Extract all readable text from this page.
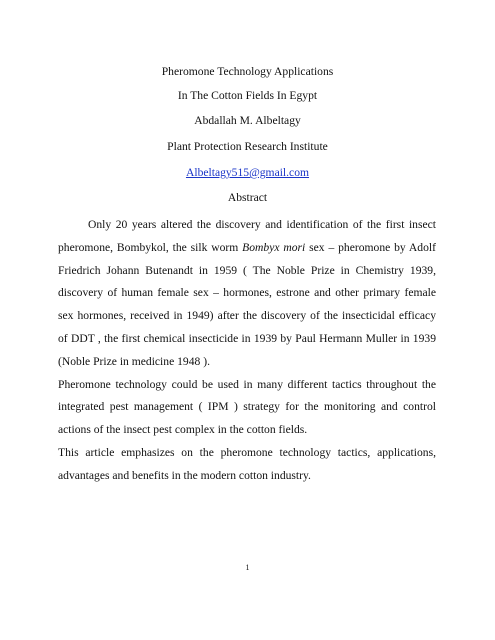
Pheromone Technology Applications
In The Cotton Fields In Egypt
Abdallah M. Albeltagy
Plant Protection Research Institute
Albeltagy515@gmail.com
Abstract

Only 20 years altered the discovery and identification of the first insect pheromone, Bombykol, the silk worm Bombyx mori sex – pheromone by Adolf Friedrich Johann Butenandt in 1959 ( The Noble Prize in Chemistry 1939, discovery of human female sex – hormones, estrone and other primary female sex hormones, received in 1949) after the discovery of the insecticidal efficacy of DDT , the first chemical insecticide in 1939 by Paul Hermann Muller in 1939 (Noble Prize in medicine 1948 ).

Pheromone technology could be used in many different tactics throughout the integrated pest management ( IPM ) strategy for the monitoring and control actions of the insect pest complex in the cotton fields.

This article emphasizes on the pheromone technology tactics, applications, advantages and benefits in the modern cotton industry.

1
